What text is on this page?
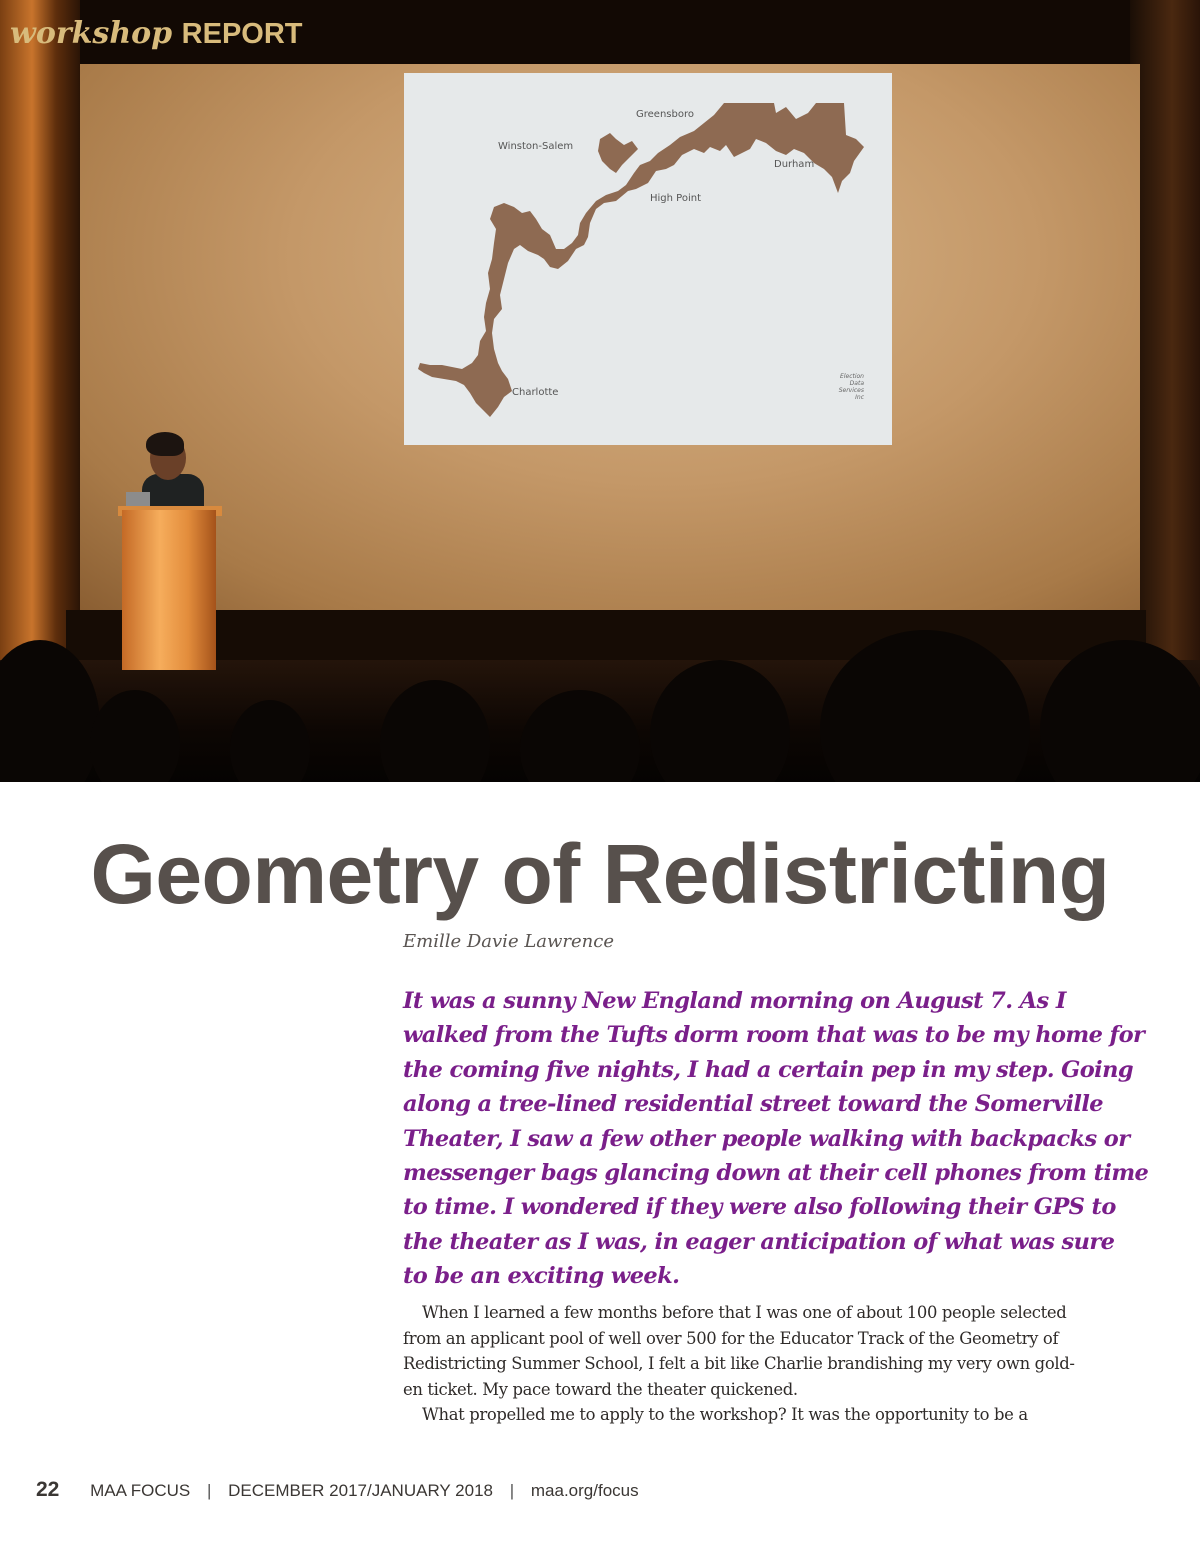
Greensboro
Winston-Salem
High Point
Durham
Charlotte
Election
Data
Services
Inc
workshop REPORT
Geometry of Redistricting
Emille Davie Lawrence
It was a sunny New England morning on August 7. As I
walked from the Tufts dorm room that was to be my home for
the coming five nights, I had a certain pep in my step. Going
along a tree-lined residential street toward the Somerville
Theater, I saw a few other people walking with backpacks or
messenger bags glancing down at their cell phones from time
to time. I wondered if they were also following their GPS to
the theater as I was, in eager anticipation of what was sure
to be an exciting week.
When I learned a few months before that I was one of about 100 people selected
from an applicant pool of well over 500 for the Educator Track of the Geometry of
Redistricting Summer School, I felt a bit like Charlie brandishing my very own gold-
en ticket. My pace toward the theater quickened.
What propelled me to apply to the workshop? It was the opportunity to be a
22 MAA FOCUS | DECEMBER 2017/JANUARY 2018 | maa.org/focus
